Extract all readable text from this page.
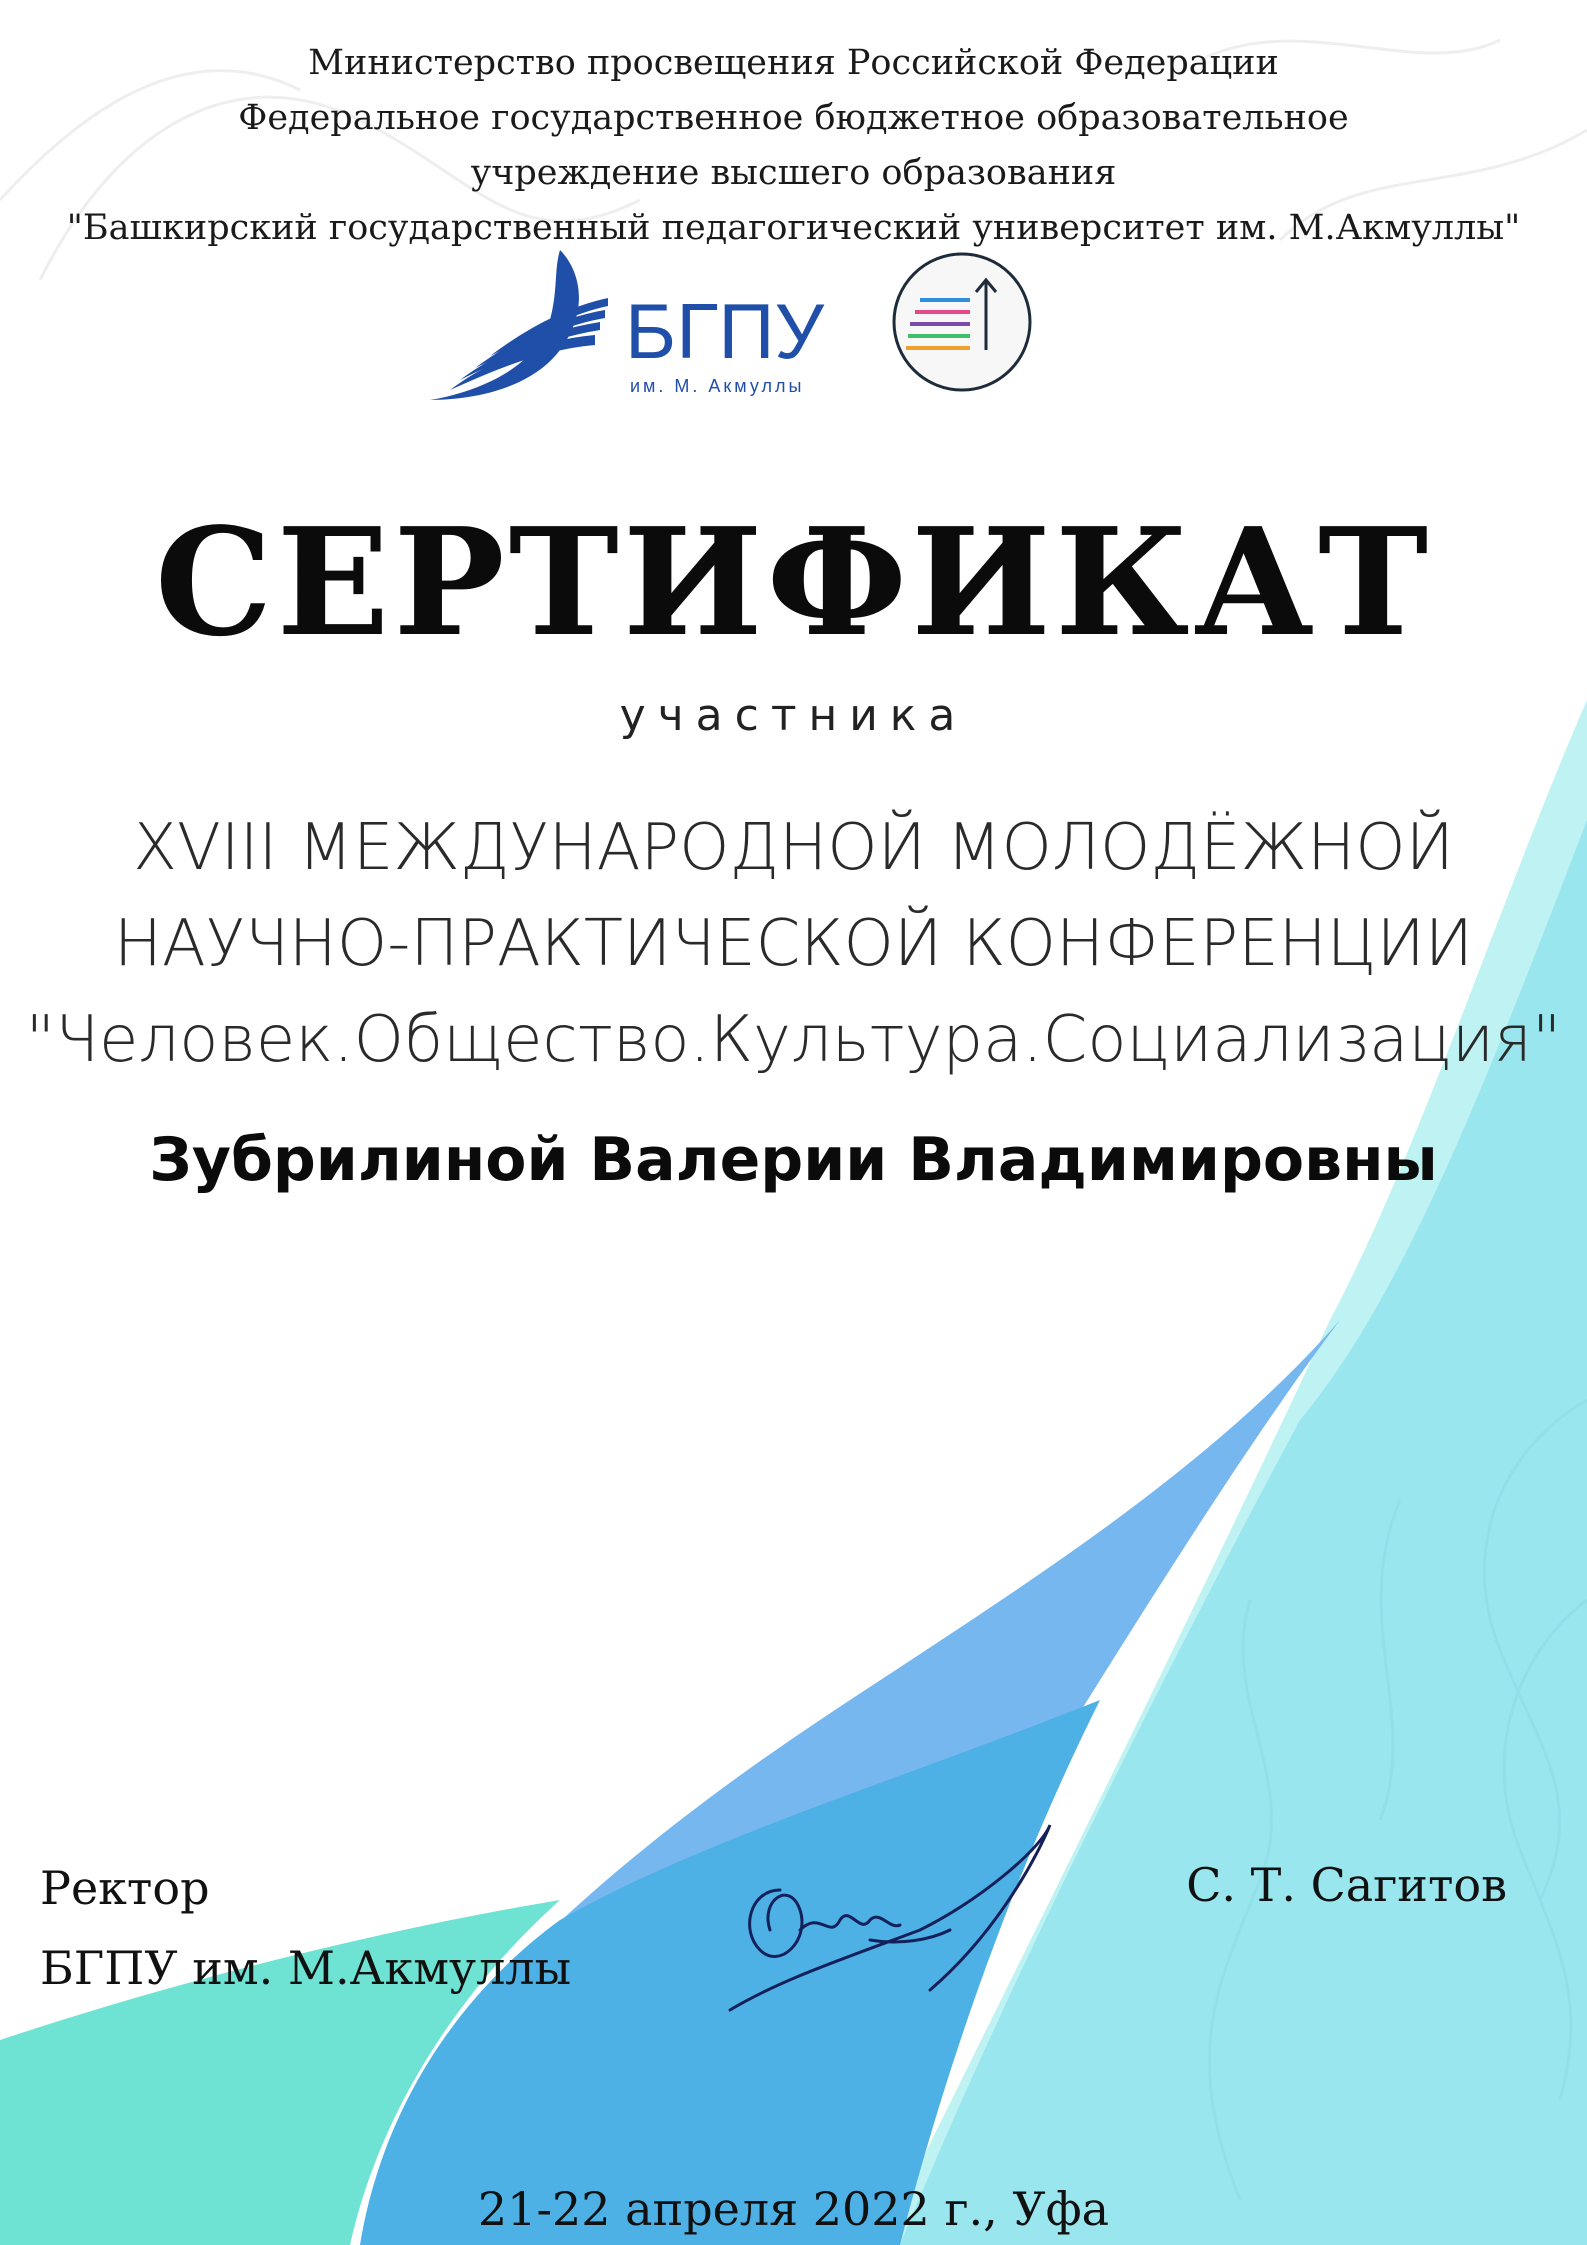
Министерство просвещения Российской Федерации
Федеральное государственное бюджетное образовательное
учреждение высшего образования
"Башкирский государственный педагогический университет им. М.Акмуллы"
БГПУ
им. М. Акмуллы
СЕРТИФИКАТ
участника
XVIII МЕЖДУНАРОДНОЙ МОЛОДЁЖНОЙ
НАУЧНО-ПРАКТИЧЕСКОЙ КОНФЕРЕНЦИИ
"Человек.Общество.Культура.Социализация"
Зубрилиной Валерии Владимировны
Ректор
БГПУ им. М.Акмуллы
С. Т. Сагитов
21-22 апреля 2022 г., Уфа
